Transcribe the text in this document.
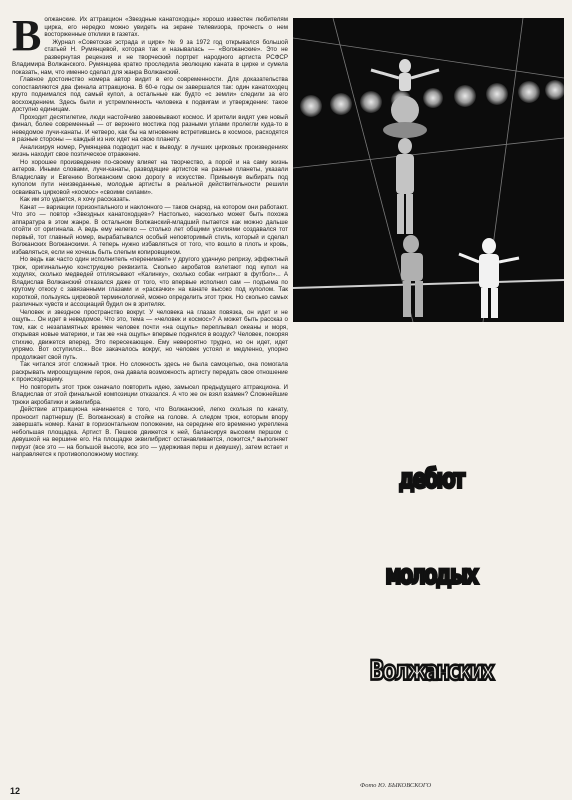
Волжанские. Их аттракцион «Звездные канатоходцы» хорошо известен любителям цирка, его нередко можно увидеть на экране телевизора, прочесть о нем восторженные отклики в газетах.

Журнал «Советская эстрада и цирк» № 9 за 1972 год открывался большой статьей Н. Румянцевой, которая так и называлась — «Волжанские». Это не развернутая рецензия и не творческий портрет народного артиста РСФСР Владимира Волжанского. Румянцева кратко проследила эволюцию каната в цирке и сумела показать, нам, что именно сделал для жанра Волжанский.

Главное достоинство номера автор видит в его современности. Для доказательства сопоставляются два финала аттракциона. В 60-е годы он завершался так: один канатоходец круто поднимался под самый купол, а остальные как будто «с земли» следили за его восхождением. Здесь были и устремленность человека к подвигам и утверждение: такое доступно единицам.

Проходит десятилетие, люди настойчиво завоевывают космос. И зрители видят уже новый финал, более современный — от верхнего мостика под разными углами пролегли куда-то в неведомое лучи-канаты. И четверо, как бы на мгновение встретившись в космосе, расходятся в разные стороны — каждый из них идет на свою планету.

Анализируя номер, Румянцева подводит нас к выводу: в лучших цирковых произведениях жизнь находит свое поэтическое отражение.

Но хорошее произведение по-своему влияет на творчество, а порой и на саму жизнь актеров. Иными словами, лучи-канаты, разводящие артистов на разные планеты, указали Владиславу и Евгению Волжанским свою дорогу в искусстве. Привыкнув выбирать под куполом пути неизведанные, молодые артисты в реальной действительности решили осваивать цирковой «космос» «своими силами».

Как им это удается, я хочу рассказать.

Канат — вариации горизонтального и наклонного — таков снаряд, на котором они работают. Что это — повтор «Звездных канатоходцев»? Настолько, насколько может быть похожа аппаратура в этом жанре. В остальном Волжанский-младший пытается как можно дальше отойти от оригинала. А ведь ему нелегко — столько лет общими усилиями создавался тот первый, тот главный номер, вырабатывался особый неповторимый стиль, который и сделал Волжанских Волжанскими. А теперь нужно избавляться от того, что вошло в плоть и кровь, избавляться, если не хочешь быть слепым копировщиком.

Но ведь как часто один исполнитель «перенимает» у другого удачную репризу, эффектный трюк, оригинальную конструкцию реквизита. Сколько акробатов взлетают под купол на ходулях, сколько медведей отплясывают «Калинку», сколько собак «играют в футбол»... А Владислав Волжанский отказался даже от того, что впервые исполнил сам — подъема по крутому откосу с завязанными глазами и «раскачки» на канате высоко под куполом. Так короткой, пользуясь цирковой терминологией, можно определить этот трюк. Но сколько самых различных чувств и ассоциаций будил он в зрителях.

Человек и звездное пространство вокруг. У человека на глазах повязка, он идет и не ощупь... Он идет в неведомое. Что это, тема — «человек и космос»? А может быть рассказ о том, как с незапамятных времен человек почти «на ощупь» переплывал океаны и моря, открывая новые материки, и так же «на ощупь» впервые поднялся в воздух? Человек, покоряя стихию, движется вперед. Это пересекающее. Ему невероятно трудно, но он идет, идет упрямо. Вот оступился... Все закачалось вокруг, но человек устоял и медленно, упорно продолжает свой путь.

Так читался этот сложный трюк. Но сложность здесь не была самоцелью, она помогала раскрывать мироощущение героя, она давала возможность артисту передать свое отношение к происходящему.

Но повторить этот трюк означало повторить идею, замысел предыдущего аттракциона. И Владислав от этой финальной композиции отказался. А что же он взял взамен? Сложнейшие трюки акробатики и эквилибра.

Действие аттракциона начинается с того, что Волжанский, легко скользя по канату, проносит партнершу (Е. Волжанская) в стойке на голове. А следом трюк, которым впору завершать номер. Канат в горизонтальном положении, на середине его временно укреплена небольшая площадка. Артист В. Пешков движется к ней, балансируя высоким першом с девушкой на вершине его. На площадке эквилибрист останавливается, ложится,* выполняет пируэт (все это — на большой высоте, все это — удерживая перш и девушку), затем встает и направляется к противоположному мостику.

дебют
молодых
Волжанских
Фото Ю. БЫКОВСКОГО
12
